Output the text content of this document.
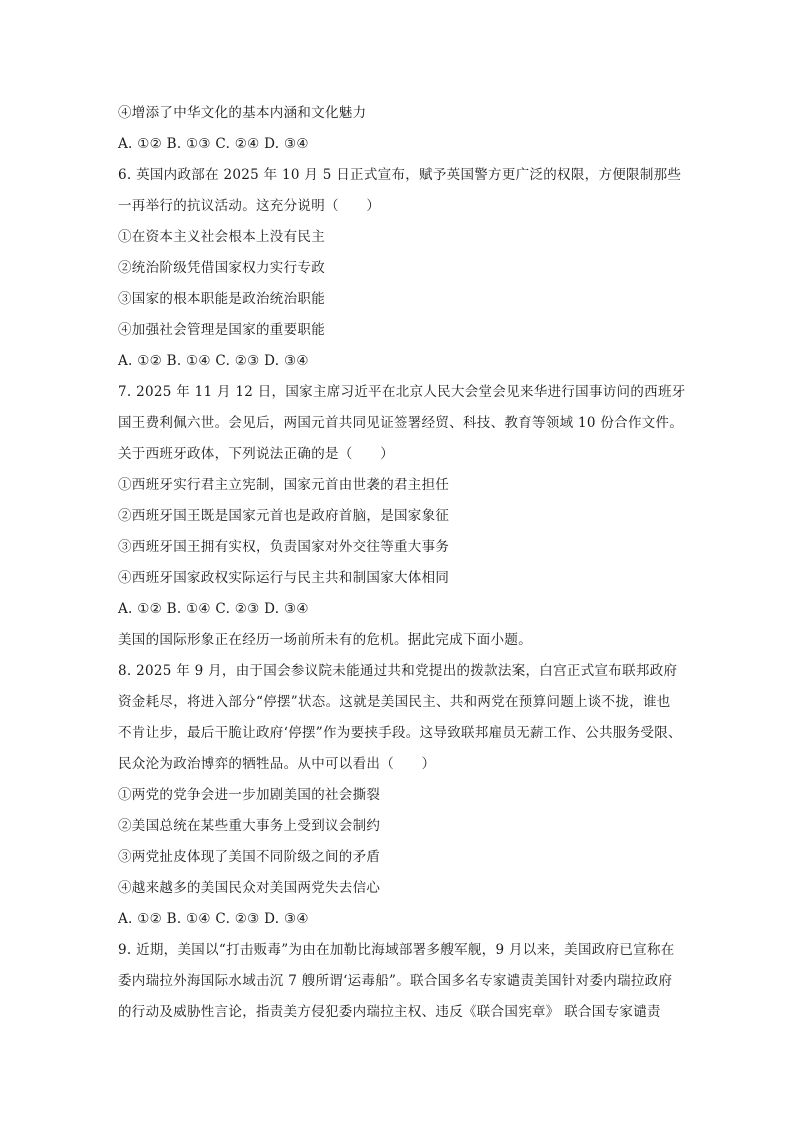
④增添了中华文化的基本内涵和文化魅力
A. ①② B. ①③ C. ②④ D. ③④
6. 英国内政部在 2025 年 10 月 5 日正式宣布，赋予英国警方更广泛的权限，方便限制那些
一再举行的抗议活动。这充分说明（　　）
①在资本主义社会根本上没有民主
②统治阶级凭借国家权力实行专政
③国家的根本职能是政治统治职能
④加强社会管理是国家的重要职能
A. ①② B. ①④ C. ②③ D. ③④
7. 2025 年 11 月 12 日，国家主席习近平在北京人民大会堂会见来华进行国事访问的西班牙
国王费利佩六世。会见后，两国元首共同见证签署经贸、科技、教育等领域 10 份合作文件。
关于西班牙政体，下列说法正确的是（　　）
①西班牙实行君主立宪制，国家元首由世袭的君主担任
②西班牙国王既是国家元首也是政府首脑，是国家象征
③西班牙国王拥有实权，负责国家对外交往等重大事务
④西班牙国家政权实际运行与民主共和制国家大体相同
A. ①② B. ①④ C. ②③ D. ③④
美国的国际形象正在经历一场前所未有的危机。据此完成下面小题。
8. 2025 年 9 月，由于国会参议院未能通过共和党提出的拨款法案，白宫正式宣布联邦政府
资金耗尽，将进入部分“停摆”状态。这就是美国民主、共和两党在预算问题上谈不拢，谁也
不肯让步，最后干脆让政府‘停摆”作为要挟手段。这导致联邦雇员无薪工作、公共服务受限、
民众沦为政治博弈的牺牲品。从中可以看出（　　）
①两党的党争会进一步加剧美国的社会撕裂
②美国总统在某些重大事务上受到议会制约
③两党扯皮体现了美国不同阶级之间的矛盾
④越来越多的美国民众对美国两党失去信心
A. ①② B. ①④ C. ②③ D. ③④
9. 近期，美国以“打击贩毒”为由在加勒比海域部署多艘军舰，9 月以来，美国政府已宣称在
委内瑞拉外海国际水域击沉 7 艘所谓‘运毒船”。联合国多名专家谴责美国针对委内瑞拉政府
的行动及威胁性言论，指责美方侵犯委内瑞拉主权、违反《联合国宪章》 联合国专家谴责
